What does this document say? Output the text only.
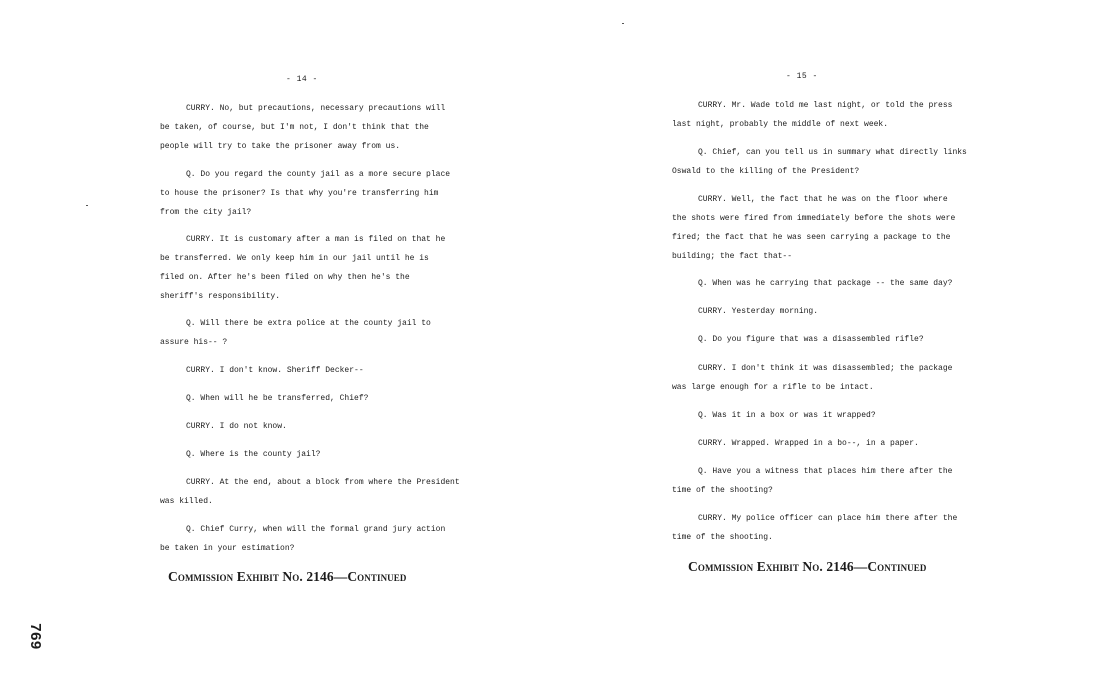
- 14 -
CURRY. No, but precautions, necessary precautions will
be taken, of course, but I'm not, I don't think that the
people will try to take the prisoner away from us.
Q. Do you regard the county jail as a more secure place
to house the prisoner? Is that why you're transferring him
from the city jail?
CURRY. It is customary after a man is filed on that he
be transferred. We only keep him in our jail until he is
filed on. After he's been filed on why then he's the
sheriff's responsibility.
Q. Will there be extra police at the county jail to
assure his-- ?
CURRY. I don't know. Sheriff Decker--
Q. When will he be transferred, Chief?
CURRY. I do not know.
Q. Where is the county jail?
CURRY. At the end, about a block from where the President
was killed.
Q. Chief Curry, when will the formal grand jury action
be taken in your estimation?
Commission Exhibit No. 2146—Continued
- 15 -
CURRY. Mr. Wade told me last night, or told the press
last night, probably the middle of next week.
Q. Chief, can you tell us in summary what directly links
Oswald to the killing of the President?
CURRY. Well, the fact that he was on the floor where
the shots were fired from immediately before the shots were
fired; the fact that he was seen carrying a package to the
building; the fact that--
Q. When was he carrying that package -- the same day?
CURRY. Yesterday morning.
Q. Do you figure that was a disassembled rifle?
CURRY. I don't think it was disassembled; the package
was large enough for a rifle to be intact.
Q. Was it in a box or was it wrapped?
CURRY. Wrapped. Wrapped in a bo--, in a paper.
Q. Have you a witness that places him there after the
time of the shooting?
CURRY. My police officer can place him there after the
time of the shooting.
Commission Exhibit No. 2146—Continued
769
